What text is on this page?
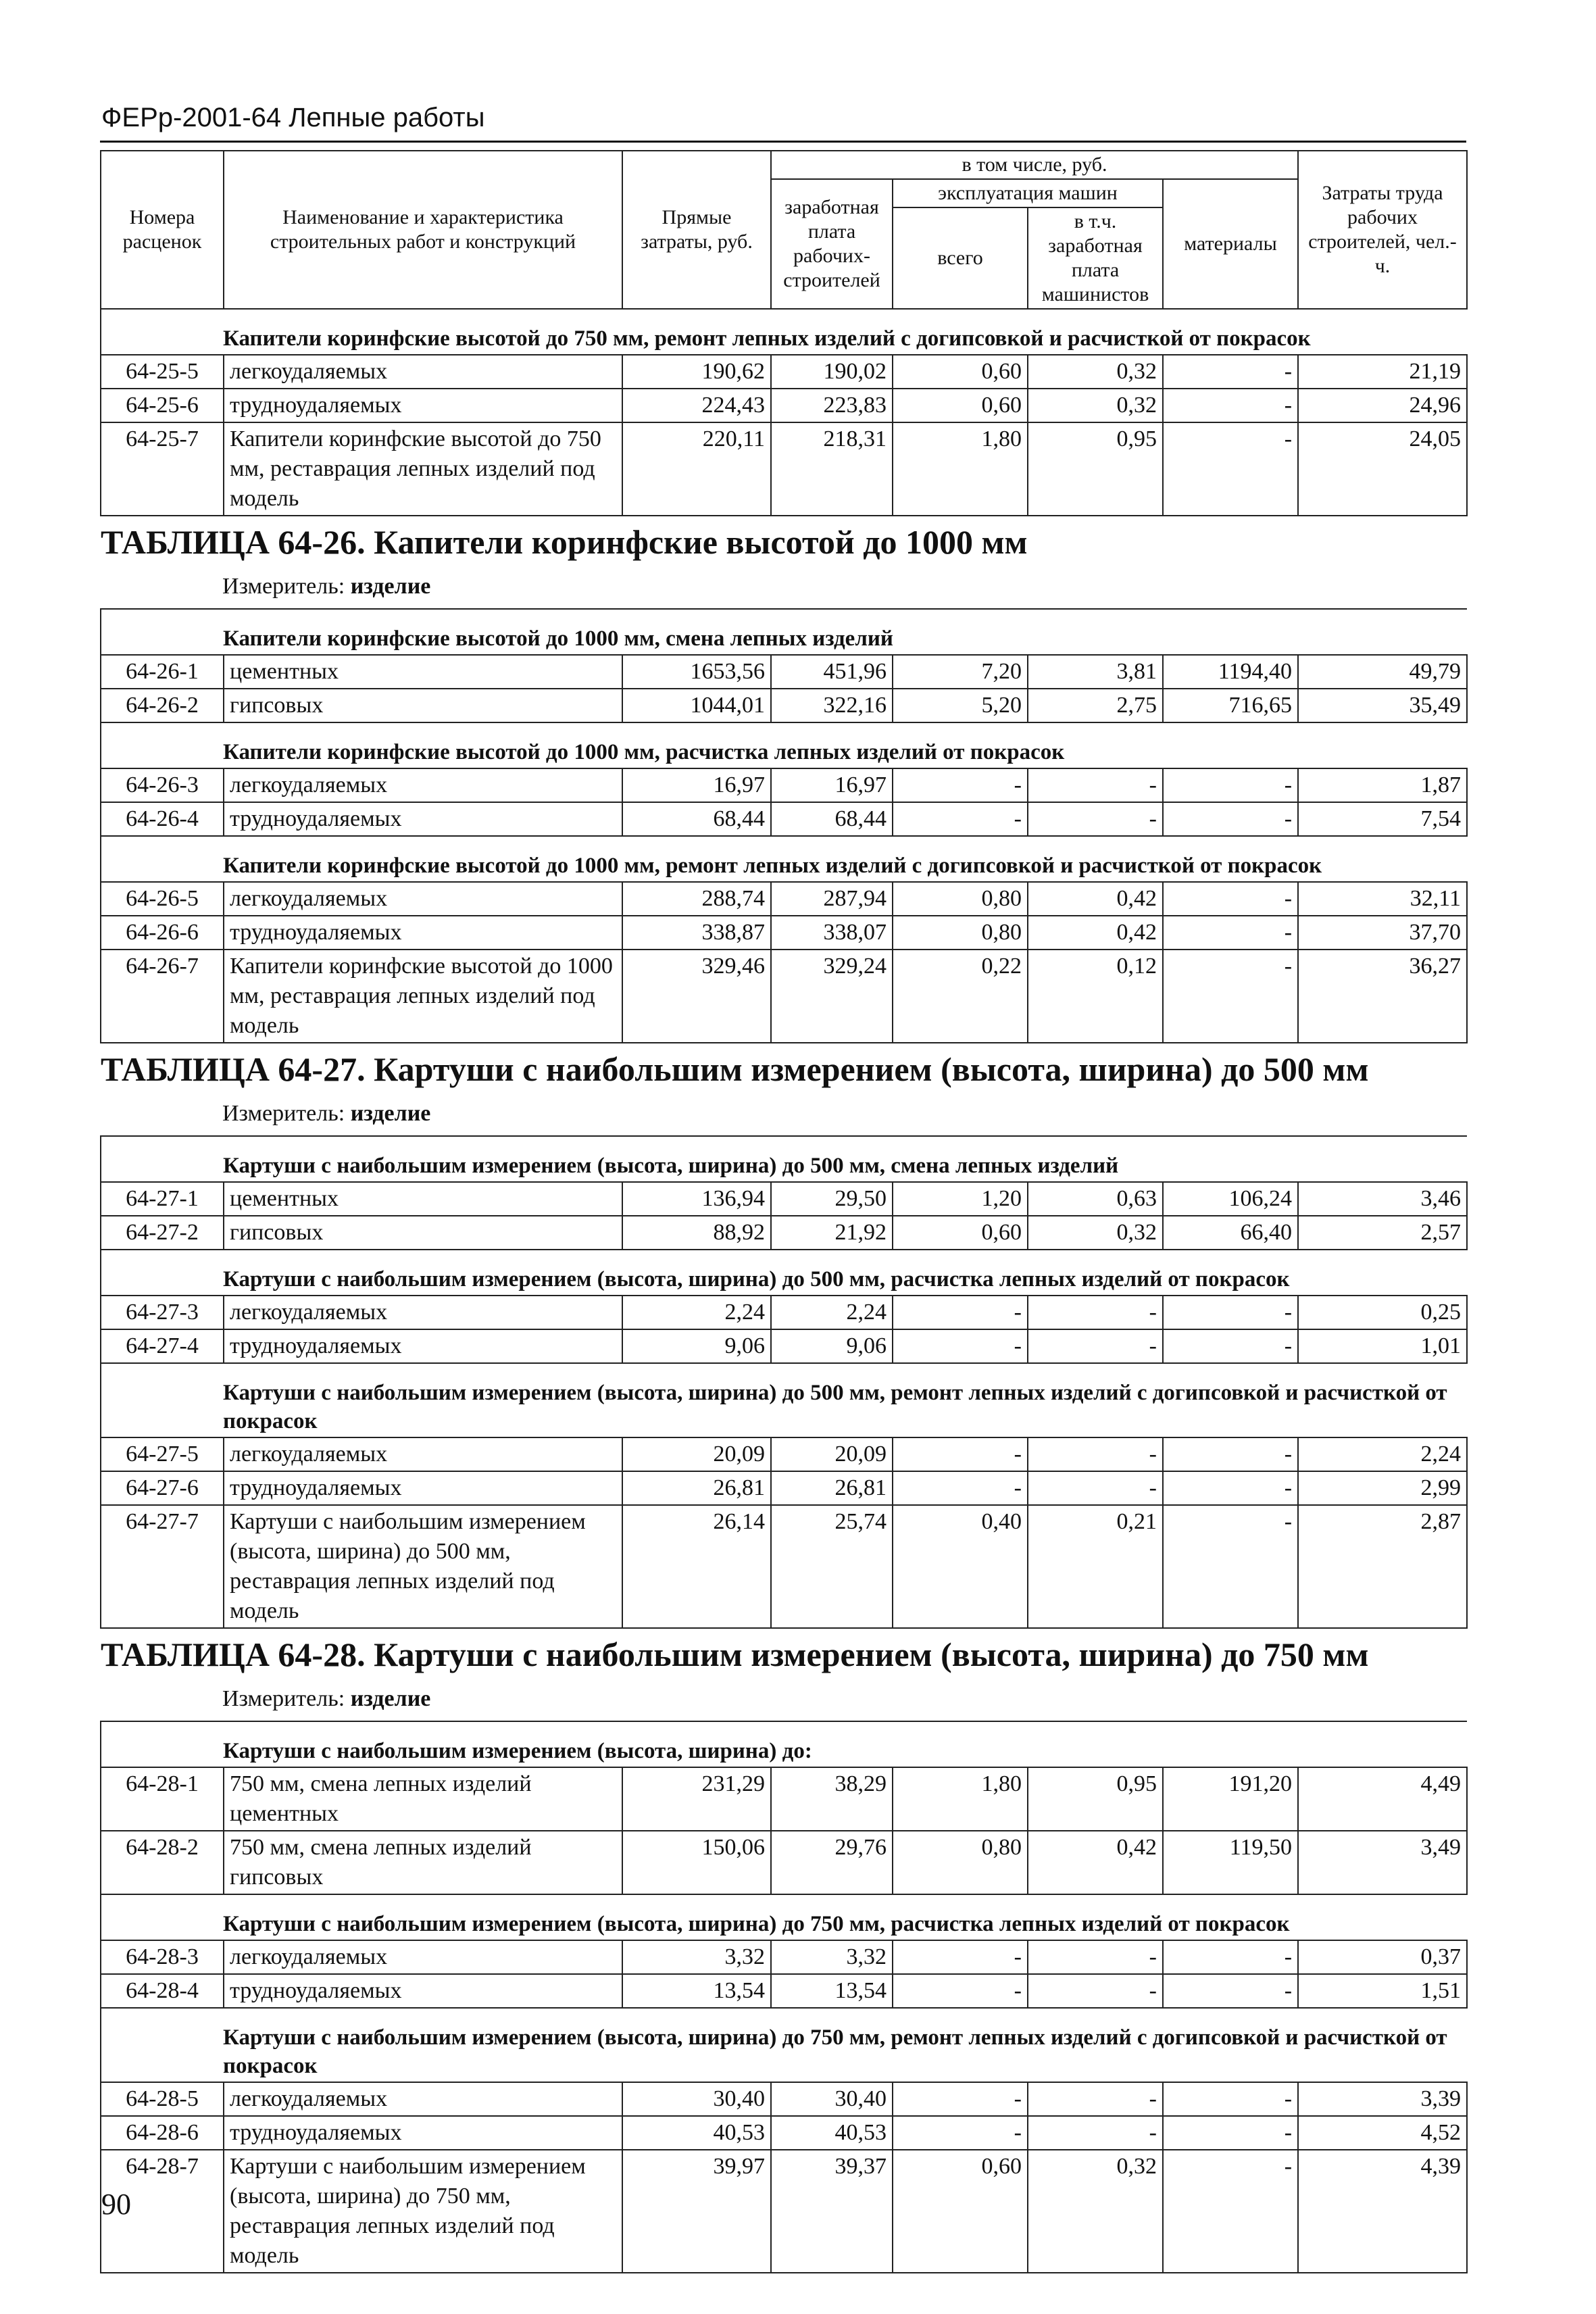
ФЕРр-2001-64 Лепные работы
Номера расценок	Наименование и характеристика строительных работ и конструкций	Прямые затраты, руб.	в том числе, руб.				Затраты труда рабочих строителей, чел.-ч.
			заработная плата рабочих-строителей	эксплуатация машин		материалы	
				всего	в т.ч. заработная плата машинистов		
Капители коринфские высотой до 750 мм, ремонт лепных изделий с догипсовкой и расчисткой от покрасок							
64-25-5	легкоудаляемых	190,62	190,02	0,60	0,32	-	21,19
64-25-6	трудноудаляемых	224,43	223,83	0,60	0,32	-	24,96
64-25-7	Капители коринфские высотой до 750 мм, реставрация лепных изделий под модель	220,11	218,31	1,80	0,95	-	24,05
ТАБЛИЦА 64-26. Капители коринфские высотой до 1000 мм							
Измеритель: изделие							
Капители коринфские высотой до 1000 мм, смена лепных изделий							
64-26-1	цементных	1653,56	451,96	7,20	3,81	1194,40	49,79
64-26-2	гипсовых	1044,01	322,16	5,20	2,75	716,65	35,49
Капители коринфские высотой до 1000 мм, расчистка лепных изделий от покрасок							
64-26-3	легкоудаляемых	16,97	16,97	-	-	-	1,87
64-26-4	трудноудаляемых	68,44	68,44	-	-	-	7,54
Капители коринфские высотой до 1000 мм, ремонт лепных изделий с догипсовкой и расчисткой от покрасок							
64-26-5	легкоудаляемых	288,74	287,94	0,80	0,42	-	32,11
64-26-6	трудноудаляемых	338,87	338,07	0,80	0,42	-	37,70
64-26-7	Капители коринфские высотой до 1000 мм, реставрация лепных изделий под модель	329,46	329,24	0,22	0,12	-	36,27
ТАБЛИЦА 64-27. Картуши с наибольшим измерением (высота, ширина) до 500 мм							
Измеритель: изделие							
Картуши с наибольшим измерением (высота, ширина) до 500 мм, смена лепных изделий							
64-27-1	цементных	136,94	29,50	1,20	0,63	106,24	3,46
64-27-2	гипсовых	88,92	21,92	0,60	0,32	66,40	2,57
Картуши с наибольшим измерением (высота, ширина) до 500 мм, расчистка лепных изделий от покрасок							
64-27-3	легкоудаляемых	2,24	2,24	-	-	-	0,25
64-27-4	трудноудаляемых	9,06	9,06	-	-	-	1,01
Картуши с наибольшим измерением (высота, ширина) до 500 мм, ремонт лепных изделий с догипсовкой и расчисткой от покрасок							
64-27-5	легкоудаляемых	20,09	20,09	-	-	-	2,24
64-27-6	трудноудаляемых	26,81	26,81	-	-	-	2,99
64-27-7	Картуши с наибольшим измерением (высота, ширина) до 500 мм, реставрация лепных изделий под модель	26,14	25,74	0,40	0,21	-	2,87
ТАБЛИЦА 64-28. Картуши с наибольшим измерением (высота, ширина) до 750 мм							
Измеритель: изделие							
Картуши с наибольшим измерением (высота, ширина) до:							
64-28-1	750 мм, смена лепных изделий цементных	231,29	38,29	1,80	0,95	191,20	4,49
64-28-2	750 мм, смена лепных изделий гипсовых	150,06	29,76	0,80	0,42	119,50	3,49
Картуши с наибольшим измерением (высота, ширина) до 750 мм, расчистка лепных изделий от покрасок							
64-28-3	легкоудаляемых	3,32	3,32	-	-	-	0,37
64-28-4	трудноудаляемых	13,54	13,54	-	-	-	1,51
Картуши с наибольшим измерением (высота, ширина) до 750 мм, ремонт лепных изделий с догипсовкой и расчисткой от покрасок							
64-28-5	легкоудаляемых	30,40	30,40	-	-	-	3,39
64-28-6	трудноудаляемых	40,53	40,53	-	-	-	4,52
64-28-7	Картуши с наибольшим измерением (высота, ширина) до 750 мм, реставрация лепных изделий под модель	39,97	39,37	0,60	0,32	-	4,39
90
